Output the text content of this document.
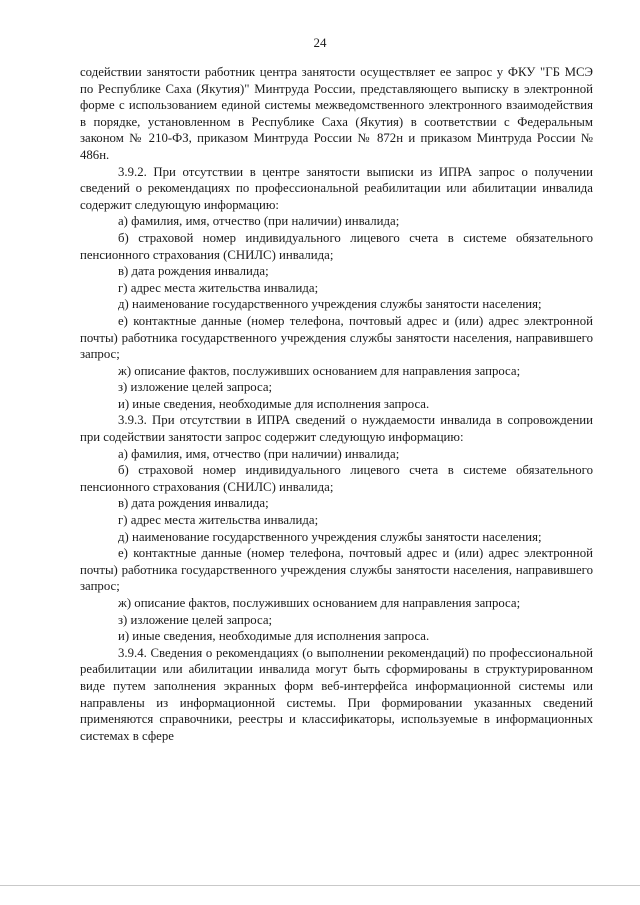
24

содействии занятости работник центра занятости осуществляет ее запрос у ФКУ "ГБ МСЭ по Республике Саха (Якутия)" Минтруда России, представляющего выписку в электронной форме с использованием единой системы межведомственного электронного взаимодействия в порядке, установленном в Республике Саха (Якутия) в соответствии с Федеральным законом № 210-ФЗ, приказом Минтруда России № 872н и приказом Минтруда России № 486н.

3.9.2. При отсутствии в центре занятости выписки из ИПРА запрос о получении сведений о рекомендациях по профессиональной реабилитации или абилитации инвалида содержит следующую информацию:

а) фамилия, имя, отчество (при наличии) инвалида;

б) страховой номер индивидуального лицевого счета в системе обязательного пенсионного страхования (СНИЛС) инвалида;

в) дата рождения инвалида;

г) адрес места жительства инвалида;

д) наименование государственного учреждения службы занятости населения;

е) контактные данные (номер телефона, почтовый адрес и (или) адрес электронной почты) работника государственного учреждения службы занятости населения, направившего запрос;

ж) описание фактов, послуживших основанием для направления запроса;

з) изложение целей запроса;

и) иные сведения, необходимые для исполнения запроса.

3.9.3. При отсутствии в ИПРА сведений о нуждаемости инвалида в сопровождении при содействии занятости запрос содержит следующую информацию:

а) фамилия, имя, отчество (при наличии) инвалида;

б) страховой номер индивидуального лицевого счета в системе обязательного пенсионного страхования (СНИЛС) инвалида;

в) дата рождения инвалида;

г) адрес места жительства инвалида;

д) наименование государственного учреждения службы занятости населения;

е) контактные данные (номер телефона, почтовый адрес и (или) адрес электронной почты) работника государственного учреждения службы занятости населения, направившего запрос;

ж) описание фактов, послуживших основанием для направления запроса;

з) изложение целей запроса;

и) иные сведения, необходимые для исполнения запроса.

3.9.4. Сведения о рекомендациях (о выполнении рекомендаций) по профессиональной реабилитации или абилитации инвалида могут быть сформированы в структурированном виде путем заполнения экранных форм веб-интерфейса информационной системы или направлены из информационной системы. При формировании указанных сведений применяются справочники, реестры и классификаторы, используемые в информационных системах в сфере
